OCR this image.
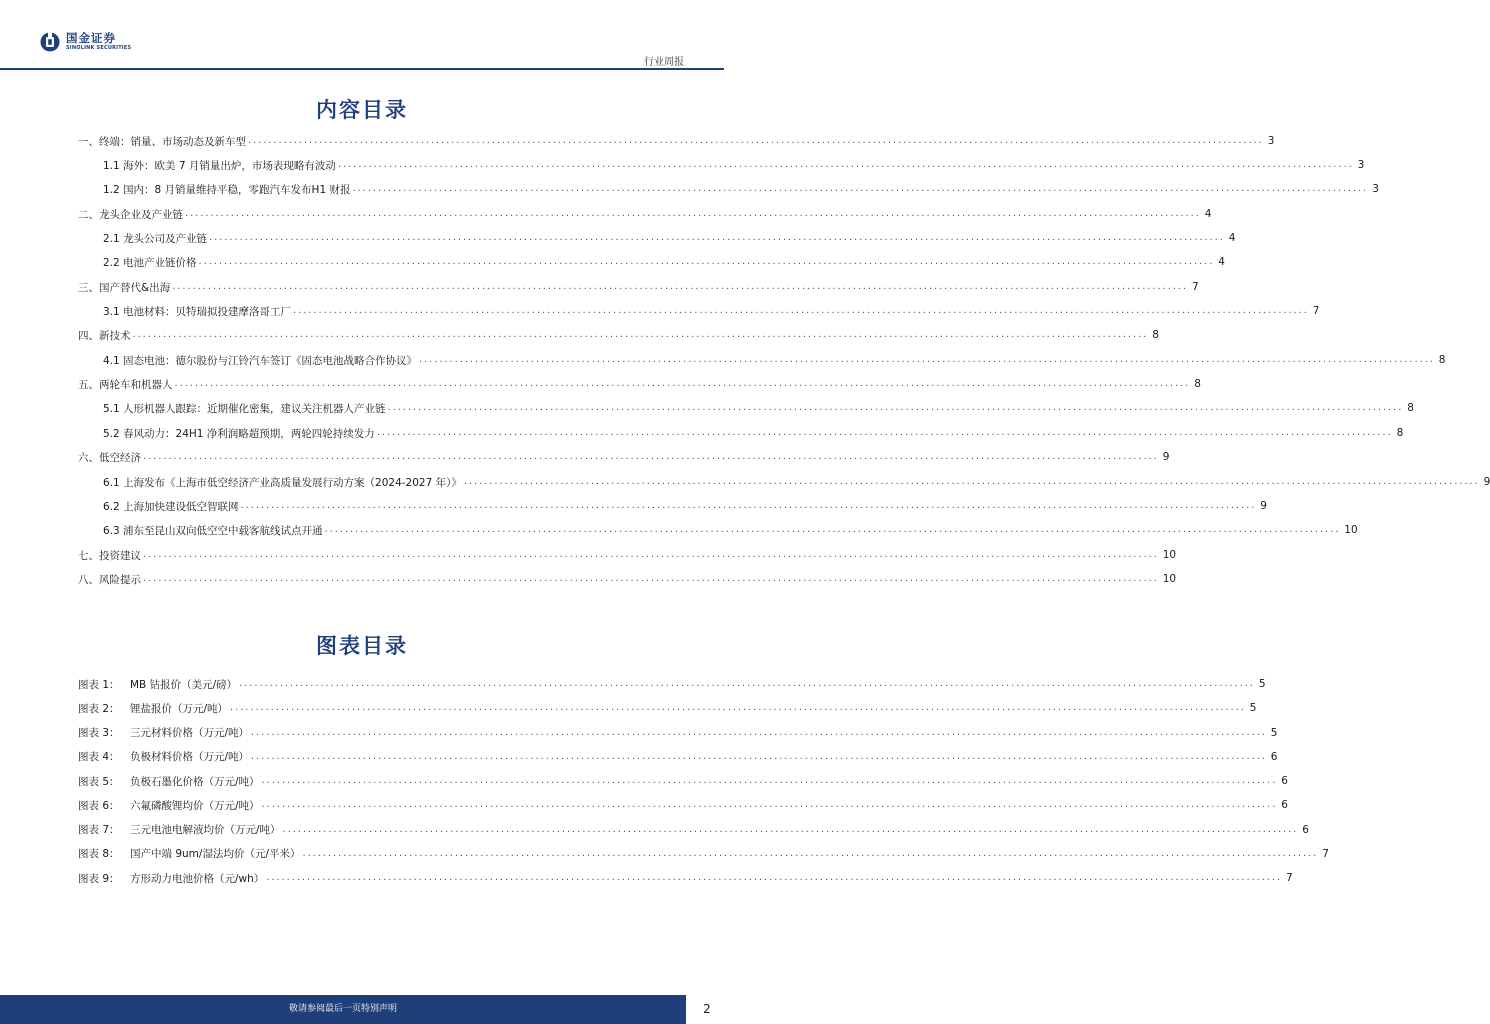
国金证券
SINOLINK SECURITIES
行业周报
内容目录
一、终端：销量、市场动态及新车型 ........................................................................................................................................................................................................ 3
1.1 海外：欧美 7 月销量出炉，市场表现略有波动 ........................................................................................................................................................................................................ 3
1.2 国内：8 月销量维持平稳，零跑汽车发布H1 财报 ........................................................................................................................................................................................................ 3
二、龙头企业及产业链 ........................................................................................................................................................................................................ 4
2.1 龙头公司及产业链 ........................................................................................................................................................................................................ 4
2.2 电池产业链价格 ........................................................................................................................................................................................................ 4
三、国产替代&出海 ........................................................................................................................................................................................................ 7
3.1 电池材料：贝特瑞拟投建摩洛哥工厂 ........................................................................................................................................................................................................ 7
四、新技术 ........................................................................................................................................................................................................ 8
4.1 固态电池：德尔股份与江铃汽车签订《固态电池战略合作协议》 ........................................................................................................................................................................................................ 8
五、两轮车和机器人 ........................................................................................................................................................................................................ 8
5.1 人形机器人跟踪：近期催化密集，建议关注机器人产业链 ........................................................................................................................................................................................................ 8
5.2 春风动力：24H1 净利润略超预期，两轮四轮持续发力 ........................................................................................................................................................................................................ 8
六、低空经济 ........................................................................................................................................................................................................ 9
6.1 上海发布《上海市低空经济产业高质量发展行动方案（2024-2027 年）》 ........................................................................................................................................................................................................ 9
6.2 上海加快建设低空智联网 ........................................................................................................................................................................................................ 9
6.3 浦东至昆山双向低空空中载客航线试点开通 ........................................................................................................................................................................................................ 10
七、投资建议 ........................................................................................................................................................................................................ 10
八、风险提示 ........................................................................................................................................................................................................ 10
图表目录
图表 1： MB 钴报价（美元/磅） ........................................................................................................................................................................................................ 5
图表 2： 锂盐报价（万元/吨） ........................................................................................................................................................................................................ 5
图表 3： 三元材料价格（万元/吨） ........................................................................................................................................................................................................ 5
图表 4： 负极材料价格（万元/吨） ........................................................................................................................................................................................................ 6
图表 5： 负极石墨化价格（万元/吨） ........................................................................................................................................................................................................ 6
图表 6： 六氟磷酸锂均价（万元/吨） ........................................................................................................................................................................................................ 6
图表 7： 三元电池电解液均价（万元/吨） ........................................................................................................................................................................................................ 6
图表 8： 国产中端 9um/湿法均价（元/平米） ........................................................................................................................................................................................................ 7
图表 9： 方形动力电池价格（元/wh） ........................................................................................................................................................................................................ 7
敬请参阅最后一页特别声明	2
